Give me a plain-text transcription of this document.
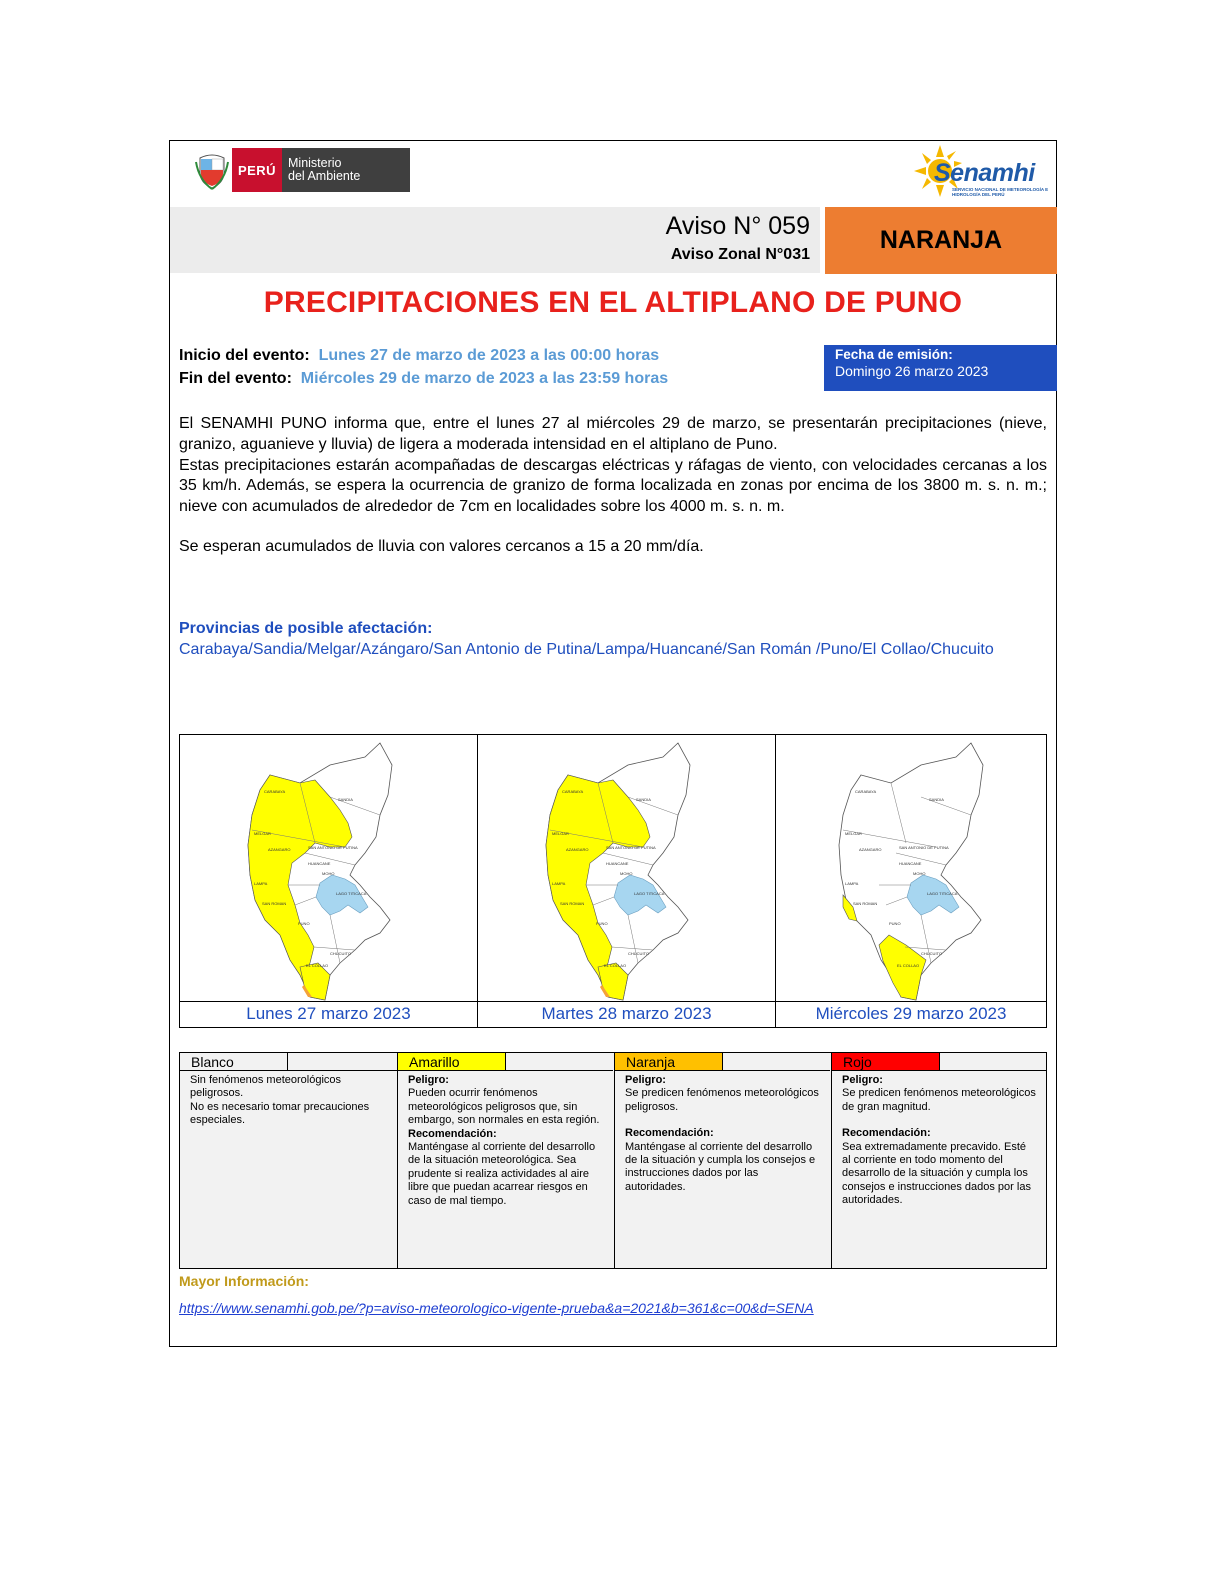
PERÚ Ministerio
del Ambiente	Senamhi
SERVICIO NACIONAL DE METEOROLOGÍA E HIDROLOGÍA DEL PERÚ
Aviso N° 059
Aviso Zonal N°031
NARANJA
PRECIPITACIONES EN EL ALTIPLANO DE PUNO
Inicio del evento: Lunes 27 de marzo de 2023 a las 00:00 horas
Fin del evento: Miércoles 29 de marzo de 2023 a las 23:59 horas
Fecha de emisión:
Domingo 26 marzo 2023

El SENAMHI PUNO informa que, entre el lunes 27 al miércoles 29 de marzo, se presentarán precipitaciones (nieve, granizo, aguanieve y lluvia) de ligera a moderada intensidad en el altiplano de Puno.

Estas precipitaciones estarán acompañadas de descargas eléctricas y ráfagas de viento, con velocidades cercanas a los 35 km/h. Además, se espera la ocurrencia de granizo de forma localizada en zonas por encima de los 3800 m. s. n. m.; nieve con acumulados de alrededor de 7cm en localidades sobre los 4000 m. s. n. m.

Se esperan acumulados de lluvia con valores cercanos a 15 a 20 mm/día.
Provincias de posible afectación:
Carabaya/Sandia/Melgar/Azángaro/San Antonio de Putina/Lampa/Huancané/San Román /Puno/El Collao/Chucuito
CARABAYA
SANDIA
MELGAR
AZANGARO	SAN ANTONIO DE PUTINA
HUANCANE
MOHO
LAMPA
SAN ROMAN
LAGO TITICACA
PUNO
CHUCUITO
EL COLLAO
Lunes 27 marzo 2023
CARABAYA
SANDIA
MELGAR
AZANGARO	SAN ANTONIO DE PUTINA
HUANCANE
MOHO
LAMPA
SAN ROMAN
LAGO TITICACA
PUNO
CHUCUITO
EL COLLAO
Martes 28 marzo 2023
CARABAYA
SANDIA
MELGAR
AZANGARO	SAN ANTONIO DE PUTINA
HUANCANE
MOHO
LAMPA
SAN ROMAN
LAGO TITICACA
PUNO
CHUCUITO
EL COLLAO
Miércoles 29 marzo 2023
Blanco
Sin fenómenos meteorológicos peligrosos.
No es necesario tomar precauciones especiales.
Amarillo
Peligro:
Pueden ocurrir fenómenos meteorológicos peligrosos que, sin embargo, son normales en esta región.
Recomendación:
Manténgase al corriente del desarrollo de la situación meteorológica. Sea prudente si realiza actividades al aire libre que puedan acarrear riesgos en caso de mal tiempo.
Naranja
Peligro:
Se predicen fenómenos meteorológicos peligrosos.
Recomendación:
Manténgase al corriente del desarrollo de la situación y cumpla los consejos e instrucciones dados por las autoridades.
Rojo
Peligro:
Se predicen fenómenos meteorológicos de gran magnitud.
Recomendación:
Sea extremadamente precavido. Esté al corriente en todo momento del desarrollo de la situación y cumpla los consejos e instrucciones dados por las autoridades.
Mayor Información:
https://www.senamhi.gob.pe/?p=aviso-meteorologico-vigente-prueba&a=2021&b=361&c=00&d=SENA
